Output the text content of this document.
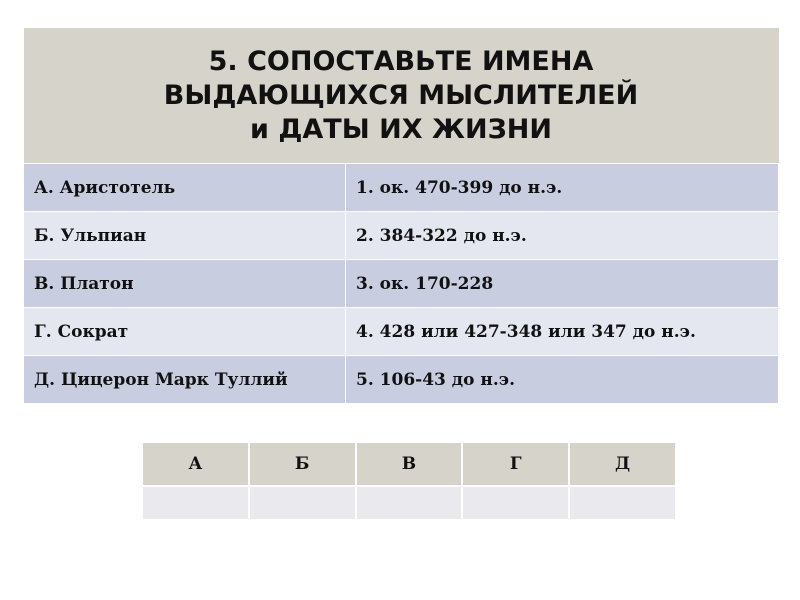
5. СОПОСТАВЬТЕ ИМЕНА
ВЫДАЮЩИХСЯ МЫСЛИТЕЛЕЙ
и ДАТЫ ИХ ЖИЗНИ	

А. Аристотель	1. ок. 470-399 до н.э.
Б. Ульпиан	2. 384-322 до н.э.
В. Платон	3. ок. 170-228
Г. Сократ	4. 428 или 427-348 или 347 до н.э.
Д. Цицерон Марк Туллий	5. 106-43 до н.э.
А	Б	В	Г	Д
